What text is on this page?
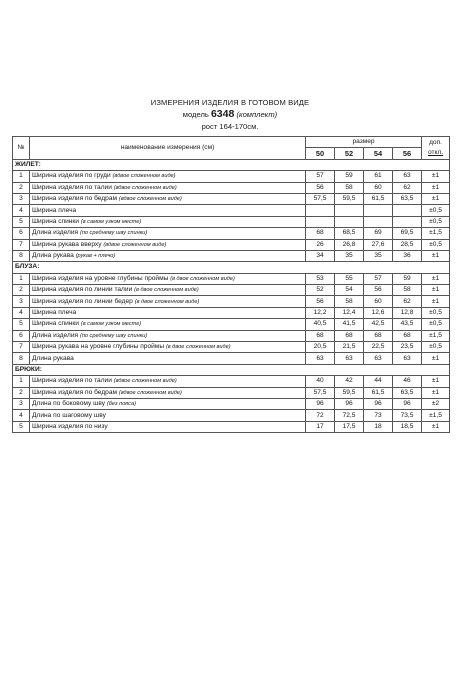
ИЗМЕРЕНИЯ ИЗДЕЛИЯ В ГОТОВОМ ВИДЕ
модель 6348 (комплект)
рост 164-170см.
№	наименование измерения (см)	размер				доп.
откл.
		50	52	54	56	
ЖИЛЕТ:						
1	Ширина изделия по груди (вдвое сложенном виде)	57	59	61	63	±1
2	Ширина изделия по талии (вдвое сложенном виде)	56	58	60	62	±1
3	Ширина изделия по бедрам (вдвое сложенном виде)	57,5	59,5	61,5	63,5	±1
4	Ширина плеча					±0,5
5	Ширина спинки (в самом узком месте)					±0,5
6	Длина изделия (по среднему шву спинки)	68	68,5	69	69,5	±1,5
7	Ширина рукава вверху (вдвое сложенном виде)	26	26,8	27,6	28,5	±0,5
8	Длина рукава (рукав + плечо)	34	35	35	36	±1
БЛУЗА:						
1	Ширина изделия на уровне глубины проймы (в двое сложенном виде)	53	55	57	59	±1
2	Ширина изделия по линии талии (в двое сложенном виде)	52	54	56	58	±1
3	Ширина изделия по линии бедер (в двое сложенном виде)	56	58	60	62	±1
4	Ширина плеча	12,2	12,4	12,6	12,8	±0,5
5	Ширина спинки (в самом узком месте)	40,5	41,5	42,5	43,5	±0,5
6	Длина изделия (по среднему шву спинки)	68	68	68	68	±1,5
7	Ширина рукава на уровне глубины проймы (в двое сложенном виде)	20,5	21,5	22,5	23,5	±0,5
8	Длина рукава	63	63	63	63	±1
БРЮКИ:						
1	Ширина изделия по талии (вдвое сложенном виде)	40	42	44	46	±1
2	Ширина изделия по бедрам (вдвое сложенном виде)	57,5	59,5	61,5	63,5	±1
3	Длина по боковому шву (без пояса)	96	96	96	96	±2
4	Длина по шаговому шву	72	72,5	73	73,5	±1,5
5	Ширина изделия по низу	17	17,5	18	18,5	±1
